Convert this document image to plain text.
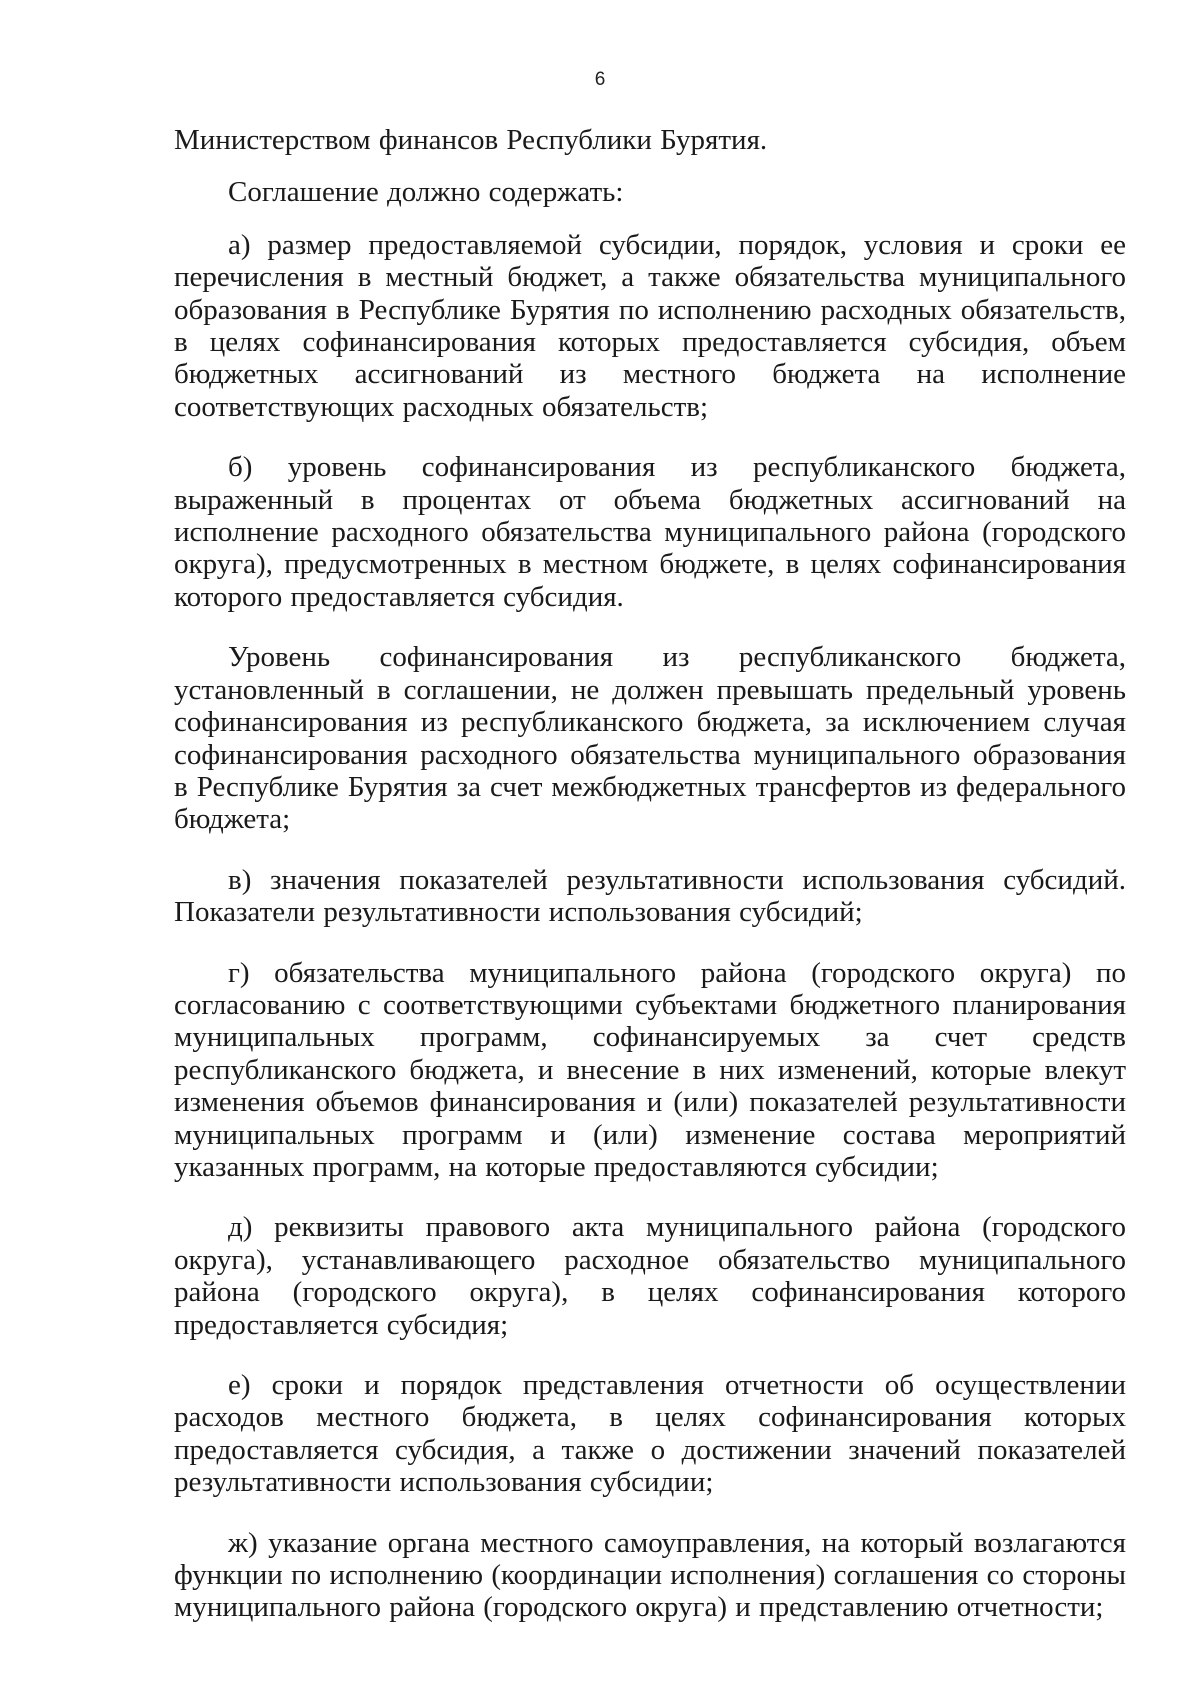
6

Министерством финансов Республики Бурятия.

Соглашение должно содержать:

а) размер предоставляемой субсидии, порядок, условия и сроки ее перечисления в местный бюджет, а также обязательства муниципального образования в Республике Бурятия по исполнению расходных обязательств, в целях софинансирования которых предоставляется субсидия, объем бюджетных ассигнований из местного бюджета на исполнение соответствующих расходных обязательств;

б) уровень софинансирования из республиканского бюджета, выраженный в процентах от объема бюджетных ассигнований на исполнение расходного обязательства муниципального района (городского округа), предусмотренных в местном бюджете, в целях софинансирования которого предоставляется субсидия.

Уровень софинансирования из республиканского бюджета, установленный в соглашении, не должен превышать предельный уровень софинансирования из республиканского бюджета, за исключением случая софинансирования расходного обязательства муниципального образования в Республике Бурятия за счет межбюджетных трансфертов из федерального бюджета;

в) значения показателей результативности использования субсидий. Показатели результативности использования субсидий;

г) обязательства муниципального района (городского округа) по согласованию с соответствующими субъектами бюджетного планирования муниципальных программ, софинансируемых за счет средств республиканского бюджета, и внесение в них изменений, которые влекут изменения объемов финансирования и (или) показателей результативности муниципальных программ и (или) изменение состава мероприятий указанных программ, на которые предоставляются субсидии;

д) реквизиты правового акта муниципального района (городского округа), устанавливающего расходное обязательство муниципального района (городского округа), в целях софинансирования которого предоставляется субсидия;

е) сроки и порядок представления отчетности об осуществлении расходов местного бюджета, в целях софинансирования которых предоставляется субсидия, а также о достижении значений показателей результативности использования субсидии;

ж) указание органа местного самоуправления, на который возлагаются функции по исполнению (координации исполнения) соглашения со стороны муниципального района (городского округа) и представлению отчетности;
